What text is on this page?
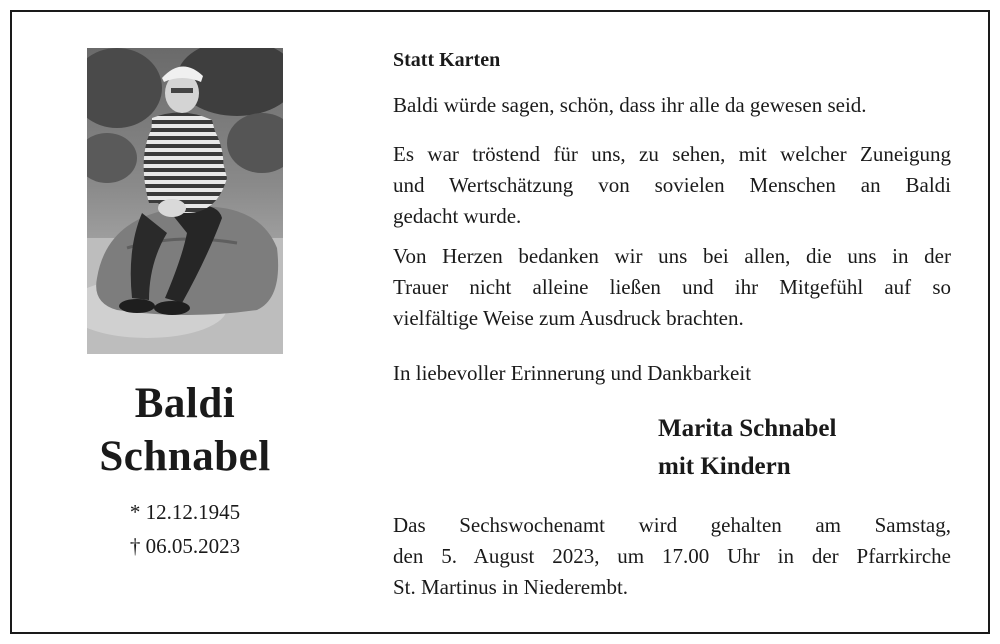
Baldi
Schnabel
* 12.12.1945
† 06.05.2023
Statt Karten
Baldi würde sagen, schön, dass ihr alle da gewesen seid.
Es war tröstend für uns, zu sehen, mit welcher Zuneigung
und Wertschätzung von sovielen Menschen an Baldi
gedacht wurde.
Von Herzen bedanken wir uns bei allen, die uns in der
Trauer nicht alleine ließen und ihr Mitgefühl auf so
vielfältige Weise zum Ausdruck brachten.
In liebevoller Erinnerung und Dankbarkeit
Marita Schnabel
mit Kindern
Das Sechswochenamt wird gehalten am Samstag,
den 5. August 2023, um 17.00 Uhr in der Pfarrkirche
St. Martinus in Niederembt.
